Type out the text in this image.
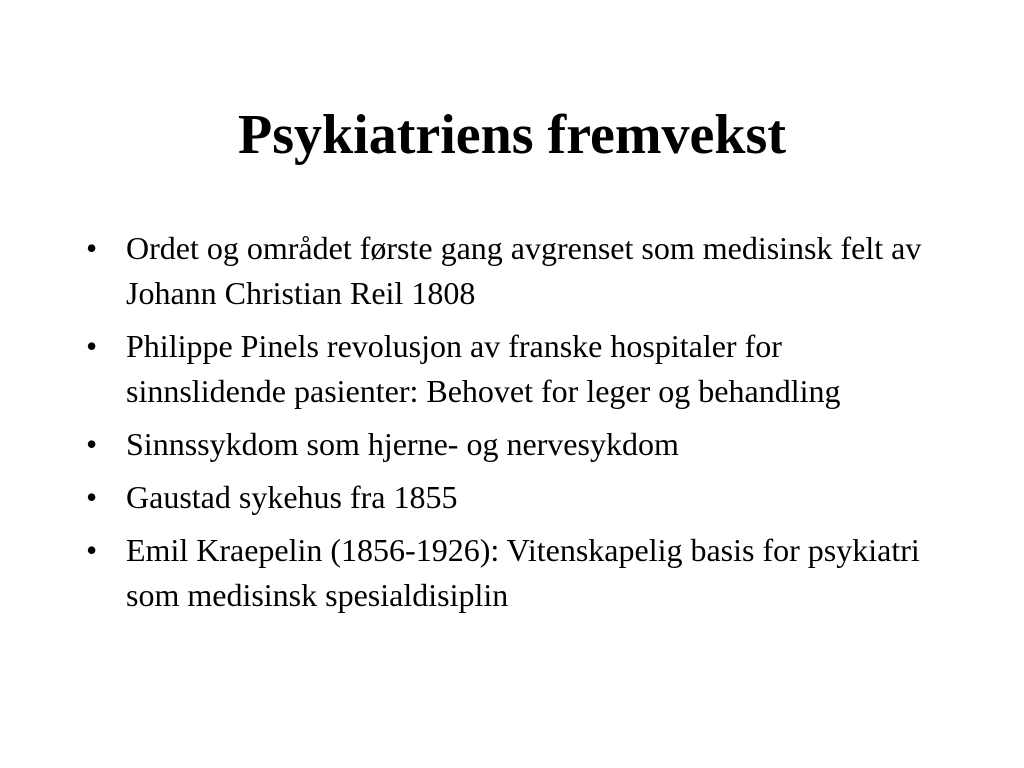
Psykiatriens fremvekst
• Ordet og området første gang avgrenset som medisinsk felt av Johann Christian Reil 1808
• Philippe Pinels revolusjon av franske hospitaler for sinnslidende pasienter: Behovet for leger og behandling
• Sinnssykdom som hjerne- og nervesykdom
• Gaustad sykehus fra 1855
• Emil Kraepelin (1856-1926): Vitenskapelig basis for psykiatri som medisinsk spesialdisiplin
